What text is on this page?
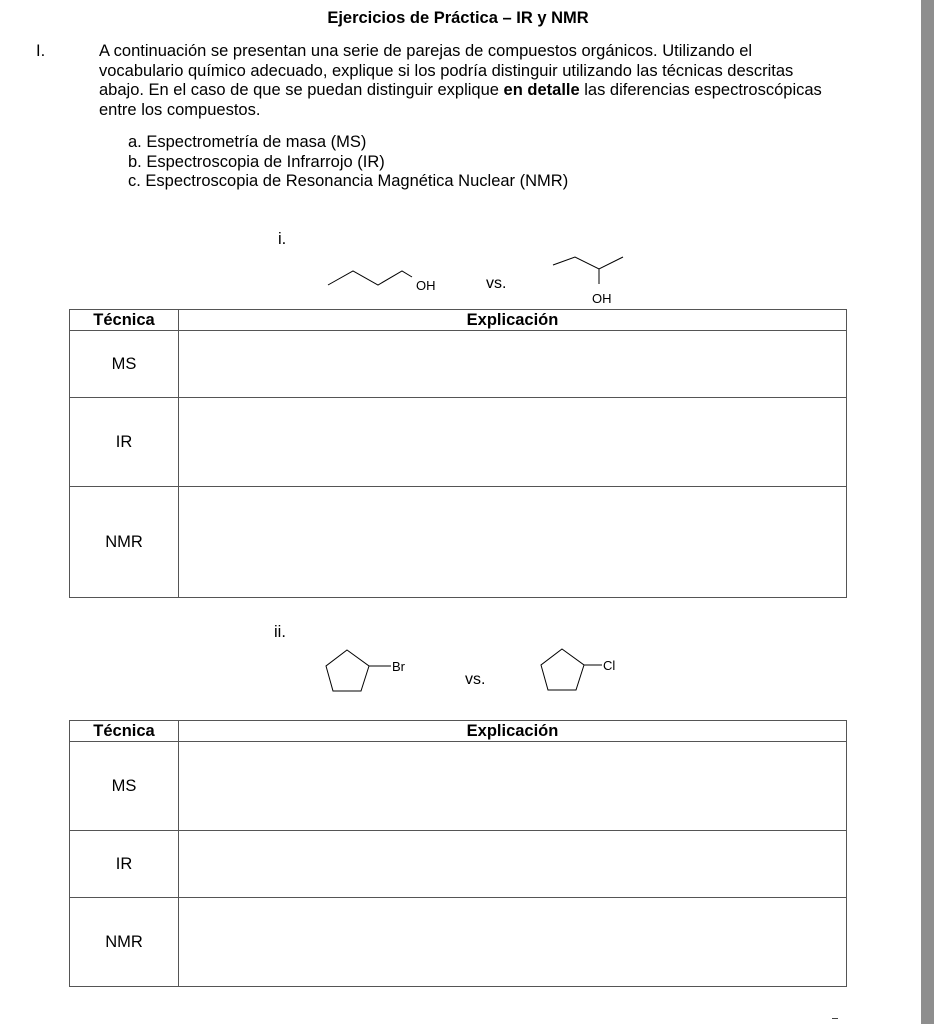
Ejercicios de Práctica – IR y NMR
I.	A continuación se presentan una serie de parejas de compuestos orgánicos. Utilizando el vocabulario químico adecuado, explique si los podría distinguir utilizando las técnicas descritas abajo. En el caso de que se puedan distinguir explique en detalle las diferencias espectroscópicas entre los compuestos.
a. Espectrometría de masa (MS)
b. Espectroscopia de Infrarrojo (IR)
c. Espectroscopia de Resonancia Magnética Nuclear (NMR)
i.
OH	vs.
OH
Técnica	Explicación
MS	
IR	
NMR	
ii.
Br
vs.
Cl
Técnica	Explicación
MS	
IR	
NMR	
